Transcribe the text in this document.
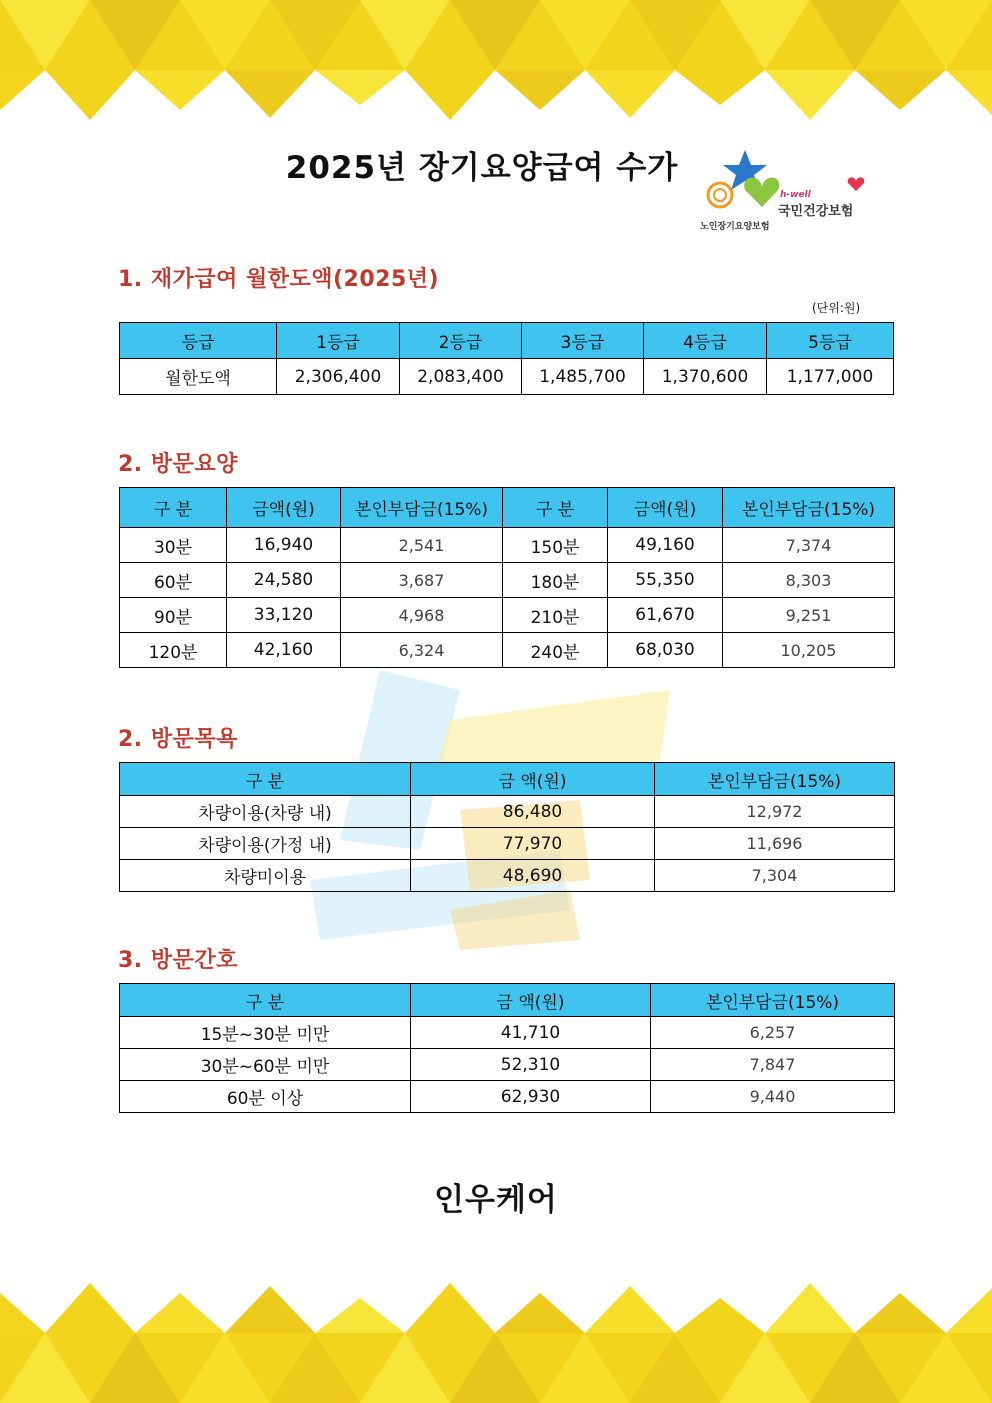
2025년 장기요양급여 수가
h-well
국민건강보험
노인장기요양보험
1. 재가급여 월한도액(2025년)
(단위:원)
등급	1등급	2등급	3등급	4등급	5등급
월한도액	2,306,400	2,083,400	1,485,700	1,370,600	1,177,000
2. 방문요양
구 분	금액(원)	본인부담금(15%)	구 분	금액(원)	본인부담금(15%)
30분	16,940	2,541	150분	49,160	7,374
60분	24,580	3,687	180분	55,350	8,303
90분	33,120	4,968	210분	61,670	9,251
120분	42,160	6,324	240분	68,030	10,205
2. 방문목욕
구 분	금 액(원)	본인부담금(15%)
차량이용(차량 내)	86,480	12,972
차량이용(가정 내)	77,970	11,696
차량미이용	48,690	7,304
3. 방문간호
구 분	금 액(원)	본인부담금(15%)
15분~30분 미만	41,710	6,257
30분~60분 미만	52,310	7,847
60분 이상	62,930	9,440
인우케어
